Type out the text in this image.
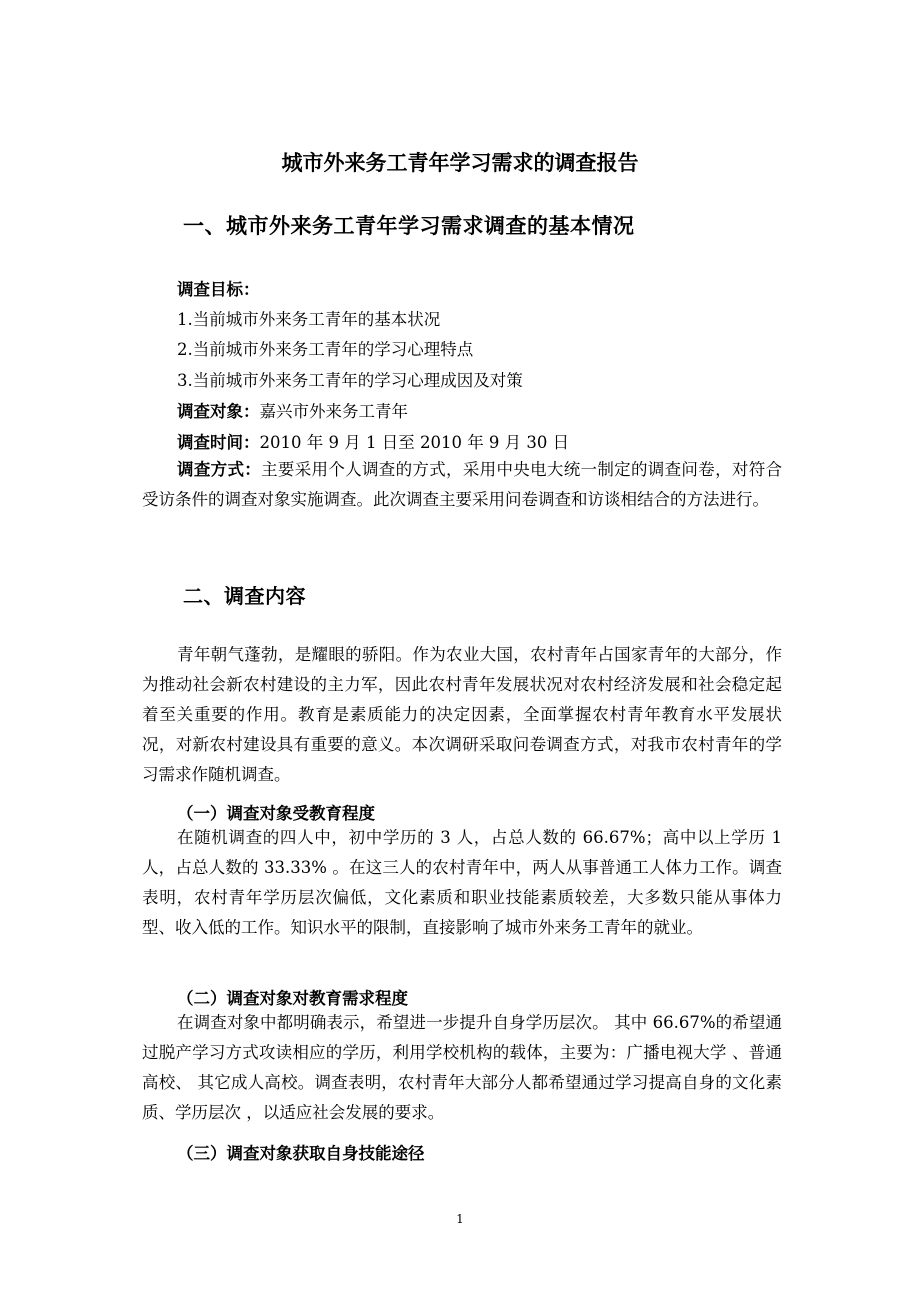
城市外来务工青年学习需求的调查报告
一、城市外来务工青年学习需求调查的基本情况
调查目标：
1.当前城市外来务工青年的基本状况
2.当前城市外来务工青年的学习心理特点
3.当前城市外来务工青年的学习心理成因及对策
调查对象：嘉兴市外来务工青年
调查时间：2010 年 9 月 1 日至 2010 年 9 月 30 日
调查方式：主要采用个人调查的方式，采用中央电大统一制定的调查问卷，对符合受访条件的调查对象实施调查。此次调查主要采用问卷调查和访谈相结合的方法进行。
二、调查内容
青年朝气蓬勃，是耀眼的骄阳。作为农业大国，农村青年占国家青年的大部分，作为推动社会新农村建设的主力军，因此农村青年发展状况对农村经济发展和社会稳定起着至关重要的作用。教育是素质能力的决定因素，全面掌握农村青年教育水平发展状况，对新农村建设具有重要的意义。本次调研采取问卷调查方式，对我市农村青年的学习需求作随机调查。
（一）调查对象受教育程度
在随机调查的四人中，初中学历的 3 人，占总人数的 66.67%；高中以上学历 1 人，占总人数的 33.33% 。在这三人的农村青年中，两人从事普通工人体力工作。调查表明，农村青年学历层次偏低，文化素质和职业技能素质较差，大多数只能从事体力型、收入低的工作。知识水平的限制，直接影响了城市外来务工青年的就业。
（二）调查对象对教育需求程度
在调查对象中都明确表示，希望进一步提升自身学历层次。 其中 66.67%的希望通过脱产学习方式攻读相应的学历，利用学校机构的载体，主要为：广播电视大学 、普通高校、 其它成人高校。调查表明，农村青年大部分人都希望通过学习提高自身的文化素质、学历层次 ，以适应社会发展的要求。
（三）调查对象获取自身技能途径
1
